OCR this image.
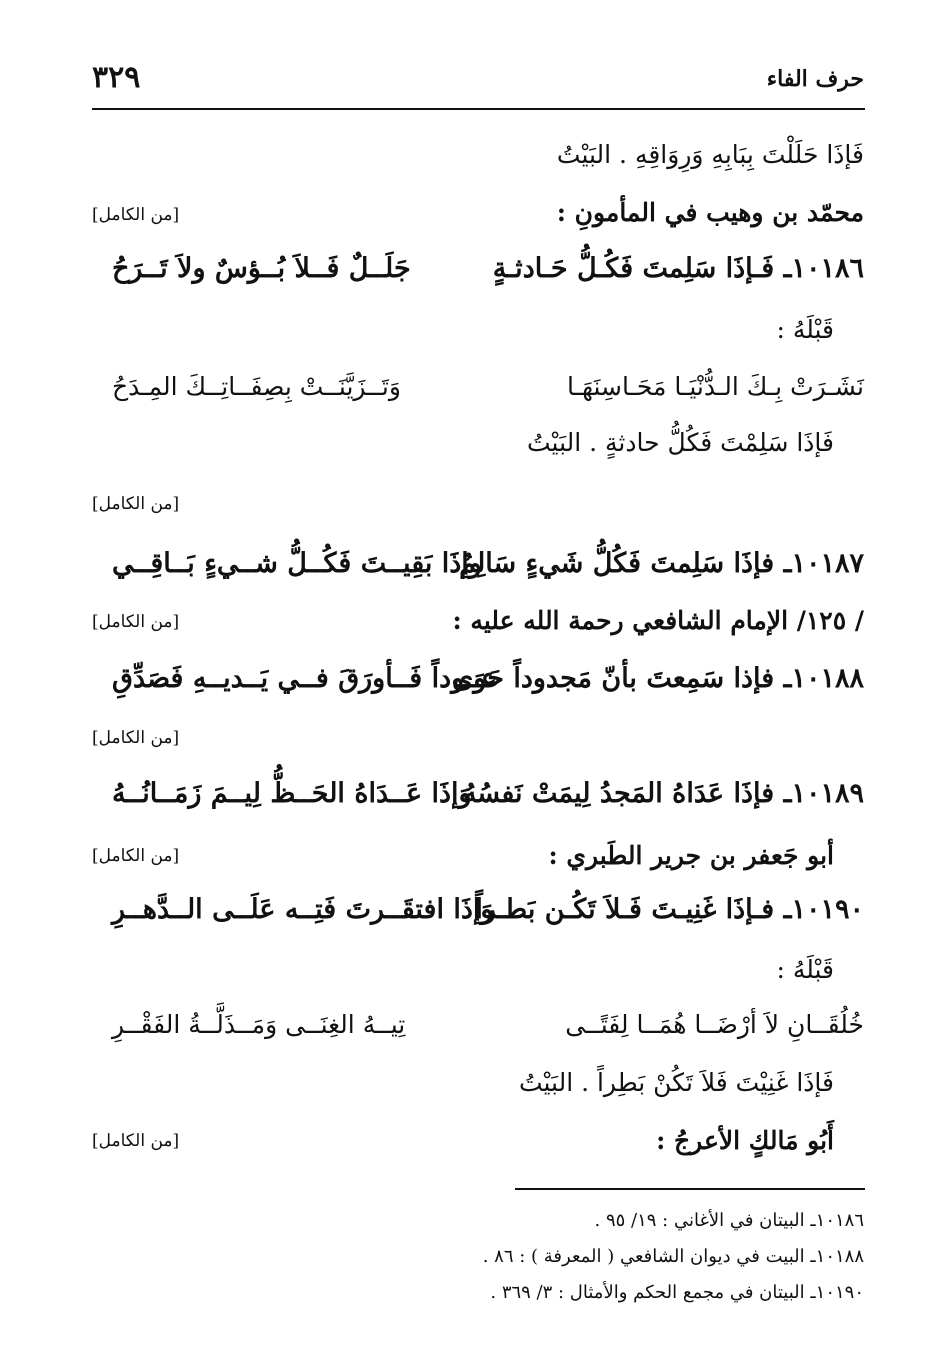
حرف الفاء
٣٢٩
فَإذَا حَلَلْتَ بِبَابِهِ وَرِوَاقِهِ . البَيْتُ
محمّد بن وهيب في المأمونِ :
[من الكامل]
١٠١٨٦ـ فَـإذَا سَلِمتَ فَكُـلُّ حَـادثـةٍ
جَلَــلٌ فَــلاَ بُــؤسٌ ولاَ تَــرَحُ
قَبْلَهُ :
نَشَـرَتْ بِـكَ الـدُّنْيَـا مَحَـاسِنَهَـا
وَتَــزَيَّنَــتْ بِصِفَــاتِــكَ المِـدَحُ
فَإذَا سَلِمْتَ فَكُلُّ حادثةٍ . البَيْتُ
[من الكامل]
١٠١٨٧ـ فإذَا سَلِمتَ فَكُلُّ شَيءٍ سَالِمٌ
وإذَا بَقِيــتَ فَكُــلُّ شــيءٍ بَــاقِــي
/ ١٢٥/ الإمام الشافعي رحمة الله عليه :
[من الكامل]
١٠١٨٨ـ فإذا سَمِعتَ بأنّ مَجدوداً حَوَى
عــوداً فَــأورَقَ فــي يَــديــهِ فَصَدِّقِ
[من الكامل]
١٠١٨٩ـ فإذَا عَدَاهُ المَجدُ لِيمَتْ نَفسُهُ
وَإذَا عَــدَاهُ الحَــظُّ لِيــمَ زَمَــانُــهُ
أبو جَعفر بن جرير الطَبري :
[من الكامل]
١٠١٩٠ـ فـإذَا غَنِيـتَ فَـلاَ تَكُـن بَطـراً
وَإذَا افتقَــرتَ فَتِــه عَلَــى الــدَّهــرِ
قَبْلَهُ :
خُلُقَــانِ لاَ أرْضَــا هُمَــا لِفَتًــى
تِيــهُ الغِنَــى وَمَــذَلَّــةُ الفَقْــرِ
فَإذَا غَنِيْتَ فَلاَ تَكُنْ بَطِراً . البَيْتُ
أَبُو مَالكٍ الأعرجُ :
[من الكامل]
١٠١٨٦ـ البيتان في الأغاني : ١٩/ ٩٥ .
١٠١٨٨ـ البيت في ديوان الشافعي ( المعرفة ) : ٨٦ .
١٠١٩٠ـ البيتان في مجمع الحكم والأمثال : ٣/ ٣٦٩ .
